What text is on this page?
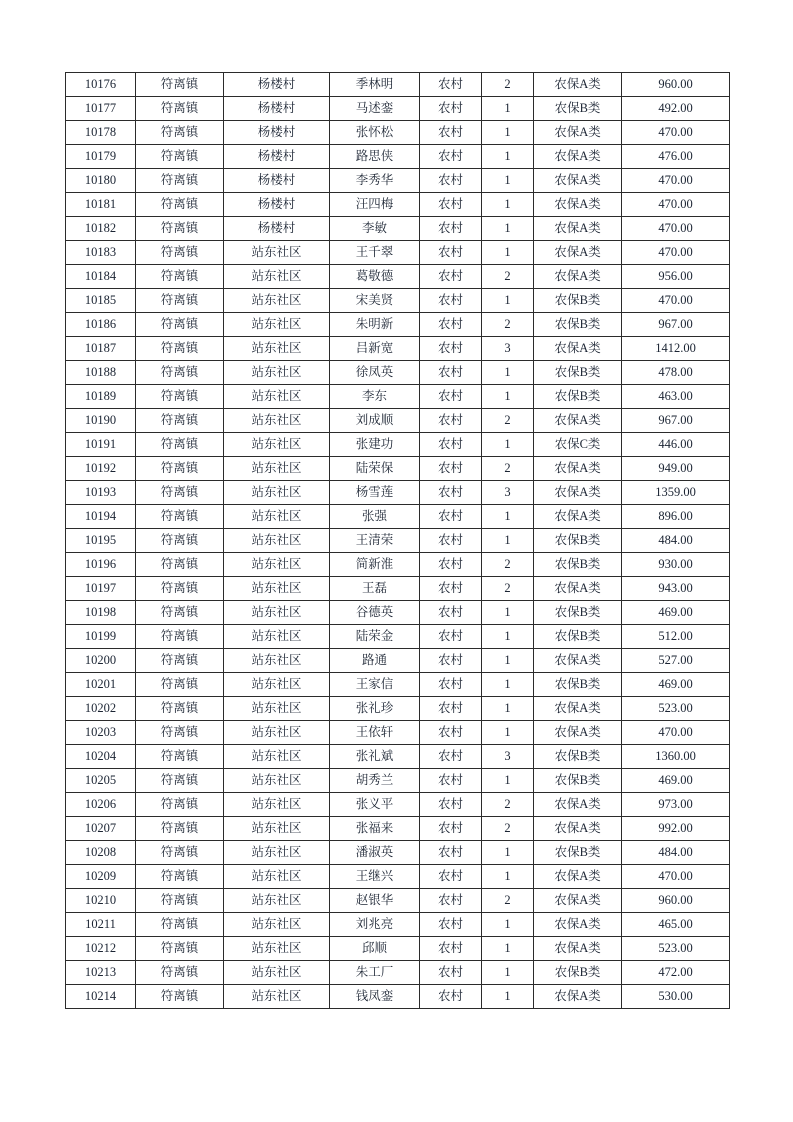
10176	符离镇	杨楼村	季林明	农村	2	农保A类	960.00
10177	符离镇	杨楼村	马述銮	农村	1	农保B类	492.00
10178	符离镇	杨楼村	张怀松	农村	1	农保A类	470.00
10179	符离镇	杨楼村	路思侠	农村	1	农保A类	476.00
10180	符离镇	杨楼村	李秀华	农村	1	农保A类	470.00
10181	符离镇	杨楼村	汪四梅	农村	1	农保A类	470.00
10182	符离镇	杨楼村	李敏	农村	1	农保A类	470.00
10183	符离镇	站东社区	王千翠	农村	1	农保A类	470.00
10184	符离镇	站东社区	葛敬德	农村	2	农保A类	956.00
10185	符离镇	站东社区	宋美贤	农村	1	农保B类	470.00
10186	符离镇	站东社区	朱明新	农村	2	农保B类	967.00
10187	符离镇	站东社区	吕新宽	农村	3	农保A类	1412.00
10188	符离镇	站东社区	徐凤英	农村	1	农保B类	478.00
10189	符离镇	站东社区	李东	农村	1	农保B类	463.00
10190	符离镇	站东社区	刘成顺	农村	2	农保A类	967.00
10191	符离镇	站东社区	张建功	农村	1	农保C类	446.00
10192	符离镇	站东社区	陆荣保	农村	2	农保A类	949.00
10193	符离镇	站东社区	杨雪莲	农村	3	农保A类	1359.00
10194	符离镇	站东社区	张强	农村	1	农保A类	896.00
10195	符离镇	站东社区	王清荣	农村	1	农保B类	484.00
10196	符离镇	站东社区	简新淮	农村	2	农保B类	930.00
10197	符离镇	站东社区	王磊	农村	2	农保A类	943.00
10198	符离镇	站东社区	谷德英	农村	1	农保B类	469.00
10199	符离镇	站东社区	陆荣金	农村	1	农保B类	512.00
10200	符离镇	站东社区	路通	农村	1	农保A类	527.00
10201	符离镇	站东社区	王家信	农村	1	农保B类	469.00
10202	符离镇	站东社区	张礼珍	农村	1	农保A类	523.00
10203	符离镇	站东社区	王依轩	农村	1	农保A类	470.00
10204	符离镇	站东社区	张礼斌	农村	3	农保B类	1360.00
10205	符离镇	站东社区	胡秀兰	农村	1	农保B类	469.00
10206	符离镇	站东社区	张义平	农村	2	农保A类	973.00
10207	符离镇	站东社区	张福来	农村	2	农保A类	992.00
10208	符离镇	站东社区	潘淑英	农村	1	农保B类	484.00
10209	符离镇	站东社区	王继兴	农村	1	农保A类	470.00
10210	符离镇	站东社区	赵银华	农村	2	农保A类	960.00
10211	符离镇	站东社区	刘兆亮	农村	1	农保A类	465.00
10212	符离镇	站东社区	邱顺	农村	1	农保A类	523.00
10213	符离镇	站东社区	朱工厂	农村	1	农保B类	472.00
10214	符离镇	站东社区	钱凤銮	农村	1	农保A类	530.00
